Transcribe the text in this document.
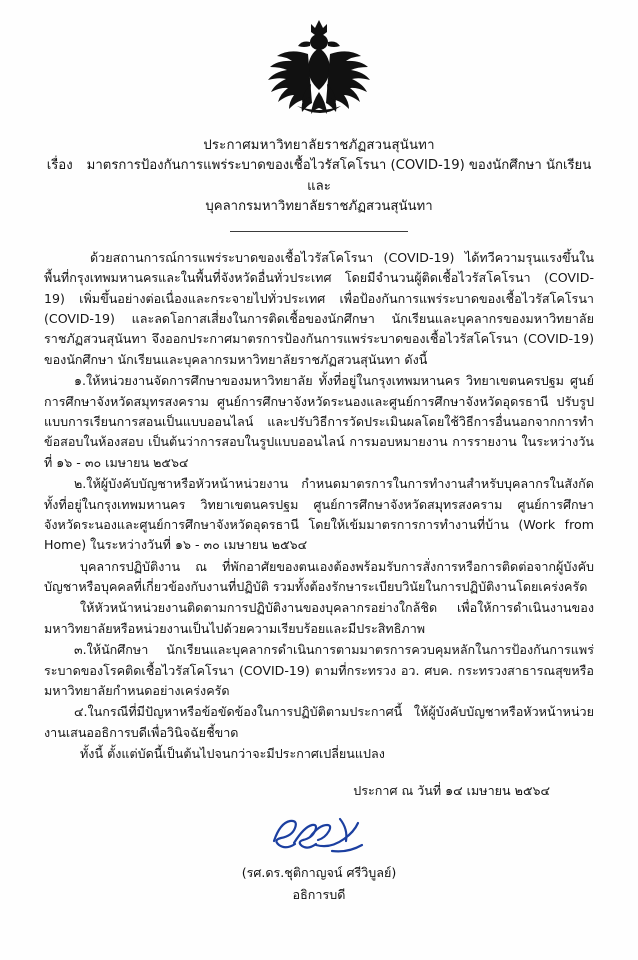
ประกาศมหาวิทยาลัยราชภัฏสวนสุนันทา
เรื่อง มาตรการป้องกันการแพร่ระบาดของเชื้อไวรัสโคโรนา (COVID-19) ของนักศึกษา นักเรียนและ
บุคลากรมหาวิทยาลัยราชภัฏสวนสุนันทา

ด้วยสถานการณ์การแพร่ระบาดของเชื้อไวรัสโคโรนา (COVID-19) ได้ทวีความรุนแรงขึ้นในพื้นที่กรุงเทพมหานครและในพื้นที่จังหวัดอื่นทั่วประเทศ โดยมีจำนวนผู้ติดเชื้อไวรัสโคโรนา (COVID-19) เพิ่มขึ้นอย่างต่อเนื่องและกระจายไปทั่วประเทศ เพื่อป้องกันการแพร่ระบาดของเชื้อไวรัสโคโรนา (COVID-19) และลดโอกาสเสี่ยงในการติดเชื้อของนักศึกษา นักเรียนและบุคลากรของมหาวิทยาลัยราชภัฏสวนสุนันทา จึงออกประกาศมาตรการป้องกันการแพร่ระบาดของเชื้อไวรัสโคโรนา (COVID-19) ของนักศึกษา นักเรียนและบุคลากรมหาวิทยาลัยราชภัฏสวนสุนันทา ดังนี้

๑.ให้หน่วยงานจัดการศึกษาของมหาวิทยาลัย ทั้งที่อยู่ในกรุงเทพมหานคร วิทยาเขตนครปฐม ศูนย์การศึกษาจังหวัดสมุทรสงคราม ศูนย์การศึกษาจังหวัดระนองและศูนย์การศึกษาจังหวัดอุดรธานี ปรับรูปแบบการเรียนการสอนเป็นแบบออนไลน์ และปรับวิธีการวัดประเมินผลโดยใช้วิธีการอื่นนอกจากการทำข้อสอบในห้องสอบ เป็นต้นว่าการสอบในรูปแบบออนไลน์ การมอบหมายงาน การรายงาน ในระหว่างวันที่ ๑๖ - ๓๐ เมษายน ๒๕๖๔

๒.ให้ผู้บังคับบัญชาหรือหัวหน้าหน่วยงาน กำหนดมาตรการในการทำงานสำหรับบุคลากรในสังกัดทั้งที่อยู่ในกรุงเทพมหานคร วิทยาเขตนครปฐม ศูนย์การศึกษาจังหวัดสมุทรสงคราม ศูนย์การศึกษาจังหวัดระนองและศูนย์การศึกษาจังหวัดอุดรธานี โดยให้เข้มมาตรการการทำงานที่บ้าน (Work from Home) ในระหว่างวันที่ ๑๖ - ๓๐ เมษายน ๒๕๖๔

บุคลากรปฏิบัติงาน ณ ที่พักอาศัยของตนเองต้องพร้อมรับการสั่งการหรือการติดต่อจากผู้บังคับบัญชาหรือบุคคลที่เกี่ยวข้องกับงานที่ปฏิบัติ รวมทั้งต้องรักษาระเบียบวินัยในการปฏิบัติงานโดยเคร่งครัด

ให้หัวหน้าหน่วยงานติดตามการปฏิบัติงานของบุคลากรอย่างใกล้ชิด เพื่อให้การดำเนินงานของมหาวิทยาลัยหรือหน่วยงานเป็นไปด้วยความเรียบร้อยและมีประสิทธิภาพ

๓.ให้นักศึกษา นักเรียนและบุคลากรดำเนินการตามมาตรการควบคุมหลักในการป้องกันการแพร่ระบาดของโรคติดเชื้อไวรัสโคโรนา (COVID-19) ตามที่กระทรวง อว. ศบค. กระทรวงสาธารณสุขหรือมหาวิทยาลัยกำหนดอย่างเคร่งครัด

๔.ในกรณีที่มีปัญหาหรือข้อขัดข้องในการปฏิบัติตามประกาศนี้ ให้ผู้บังคับบัญชาหรือหัวหน้าหน่วยงานเสนออธิการบดีเพื่อวินิจฉัยชี้ขาด

ทั้งนี้ ตั้งแต่บัดนี้เป็นต้นไปจนกว่าจะมีประกาศเปลี่ยนแปลง

ประกาศ ณ วันที่ ๑๔ เมษายน ๒๕๖๔
(รศ.ดร.ชุติกาญจน์ ศรีวิบูลย์)
อธิการบดี
